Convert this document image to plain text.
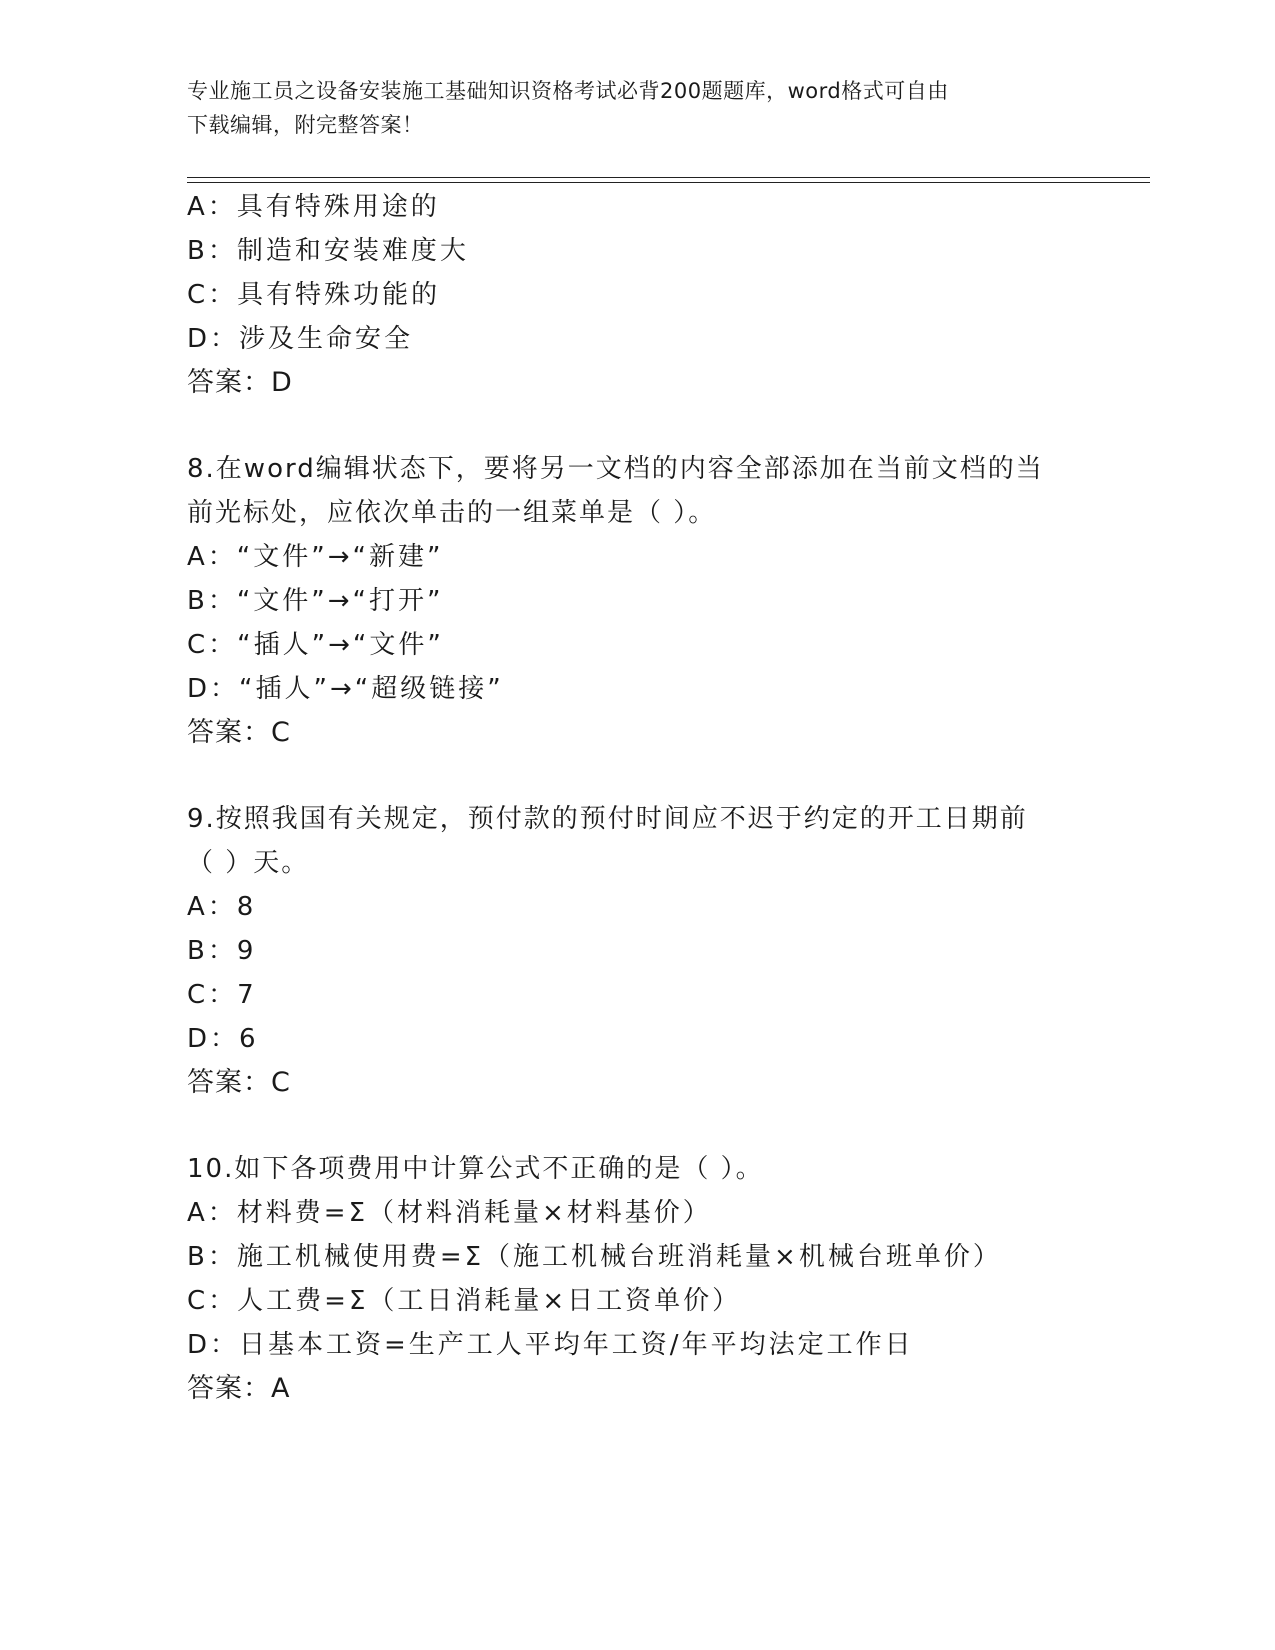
专业施工员之设备安装施工基础知识资格考试必背200题题库，word格式可自由
下载编辑，附完整答案！
A：具有特殊用途的
B：制造和安装难度大
C：具有特殊功能的
D：涉及生命安全
答案：D
8.在word编辑状态下，要将另一文档的内容全部添加在当前文档的当
前光标处，应依次单击的一组菜单是（ ）。
A：“文件”→“新建”
B：“文件”→“打开”
C：“插人”→“文件”
D：“插人”→“超级链接”
答案：C
9.按照我国有关规定，预付款的预付时间应不迟于约定的开工日期前
（ ）天。
A：8
B：9
C：7
D：6
答案：C
10.如下各项费用中计算公式不正确的是（ ）。
A：材料费=Σ（材料消耗量×材料基价）
B：施工机械使用费=Σ（施工机械台班消耗量×机械台班单价）
C：人工费=Σ（工日消耗量×日工资单价）
D：日基本工资=生产工人平均年工资/年平均法定工作日
答案：A
